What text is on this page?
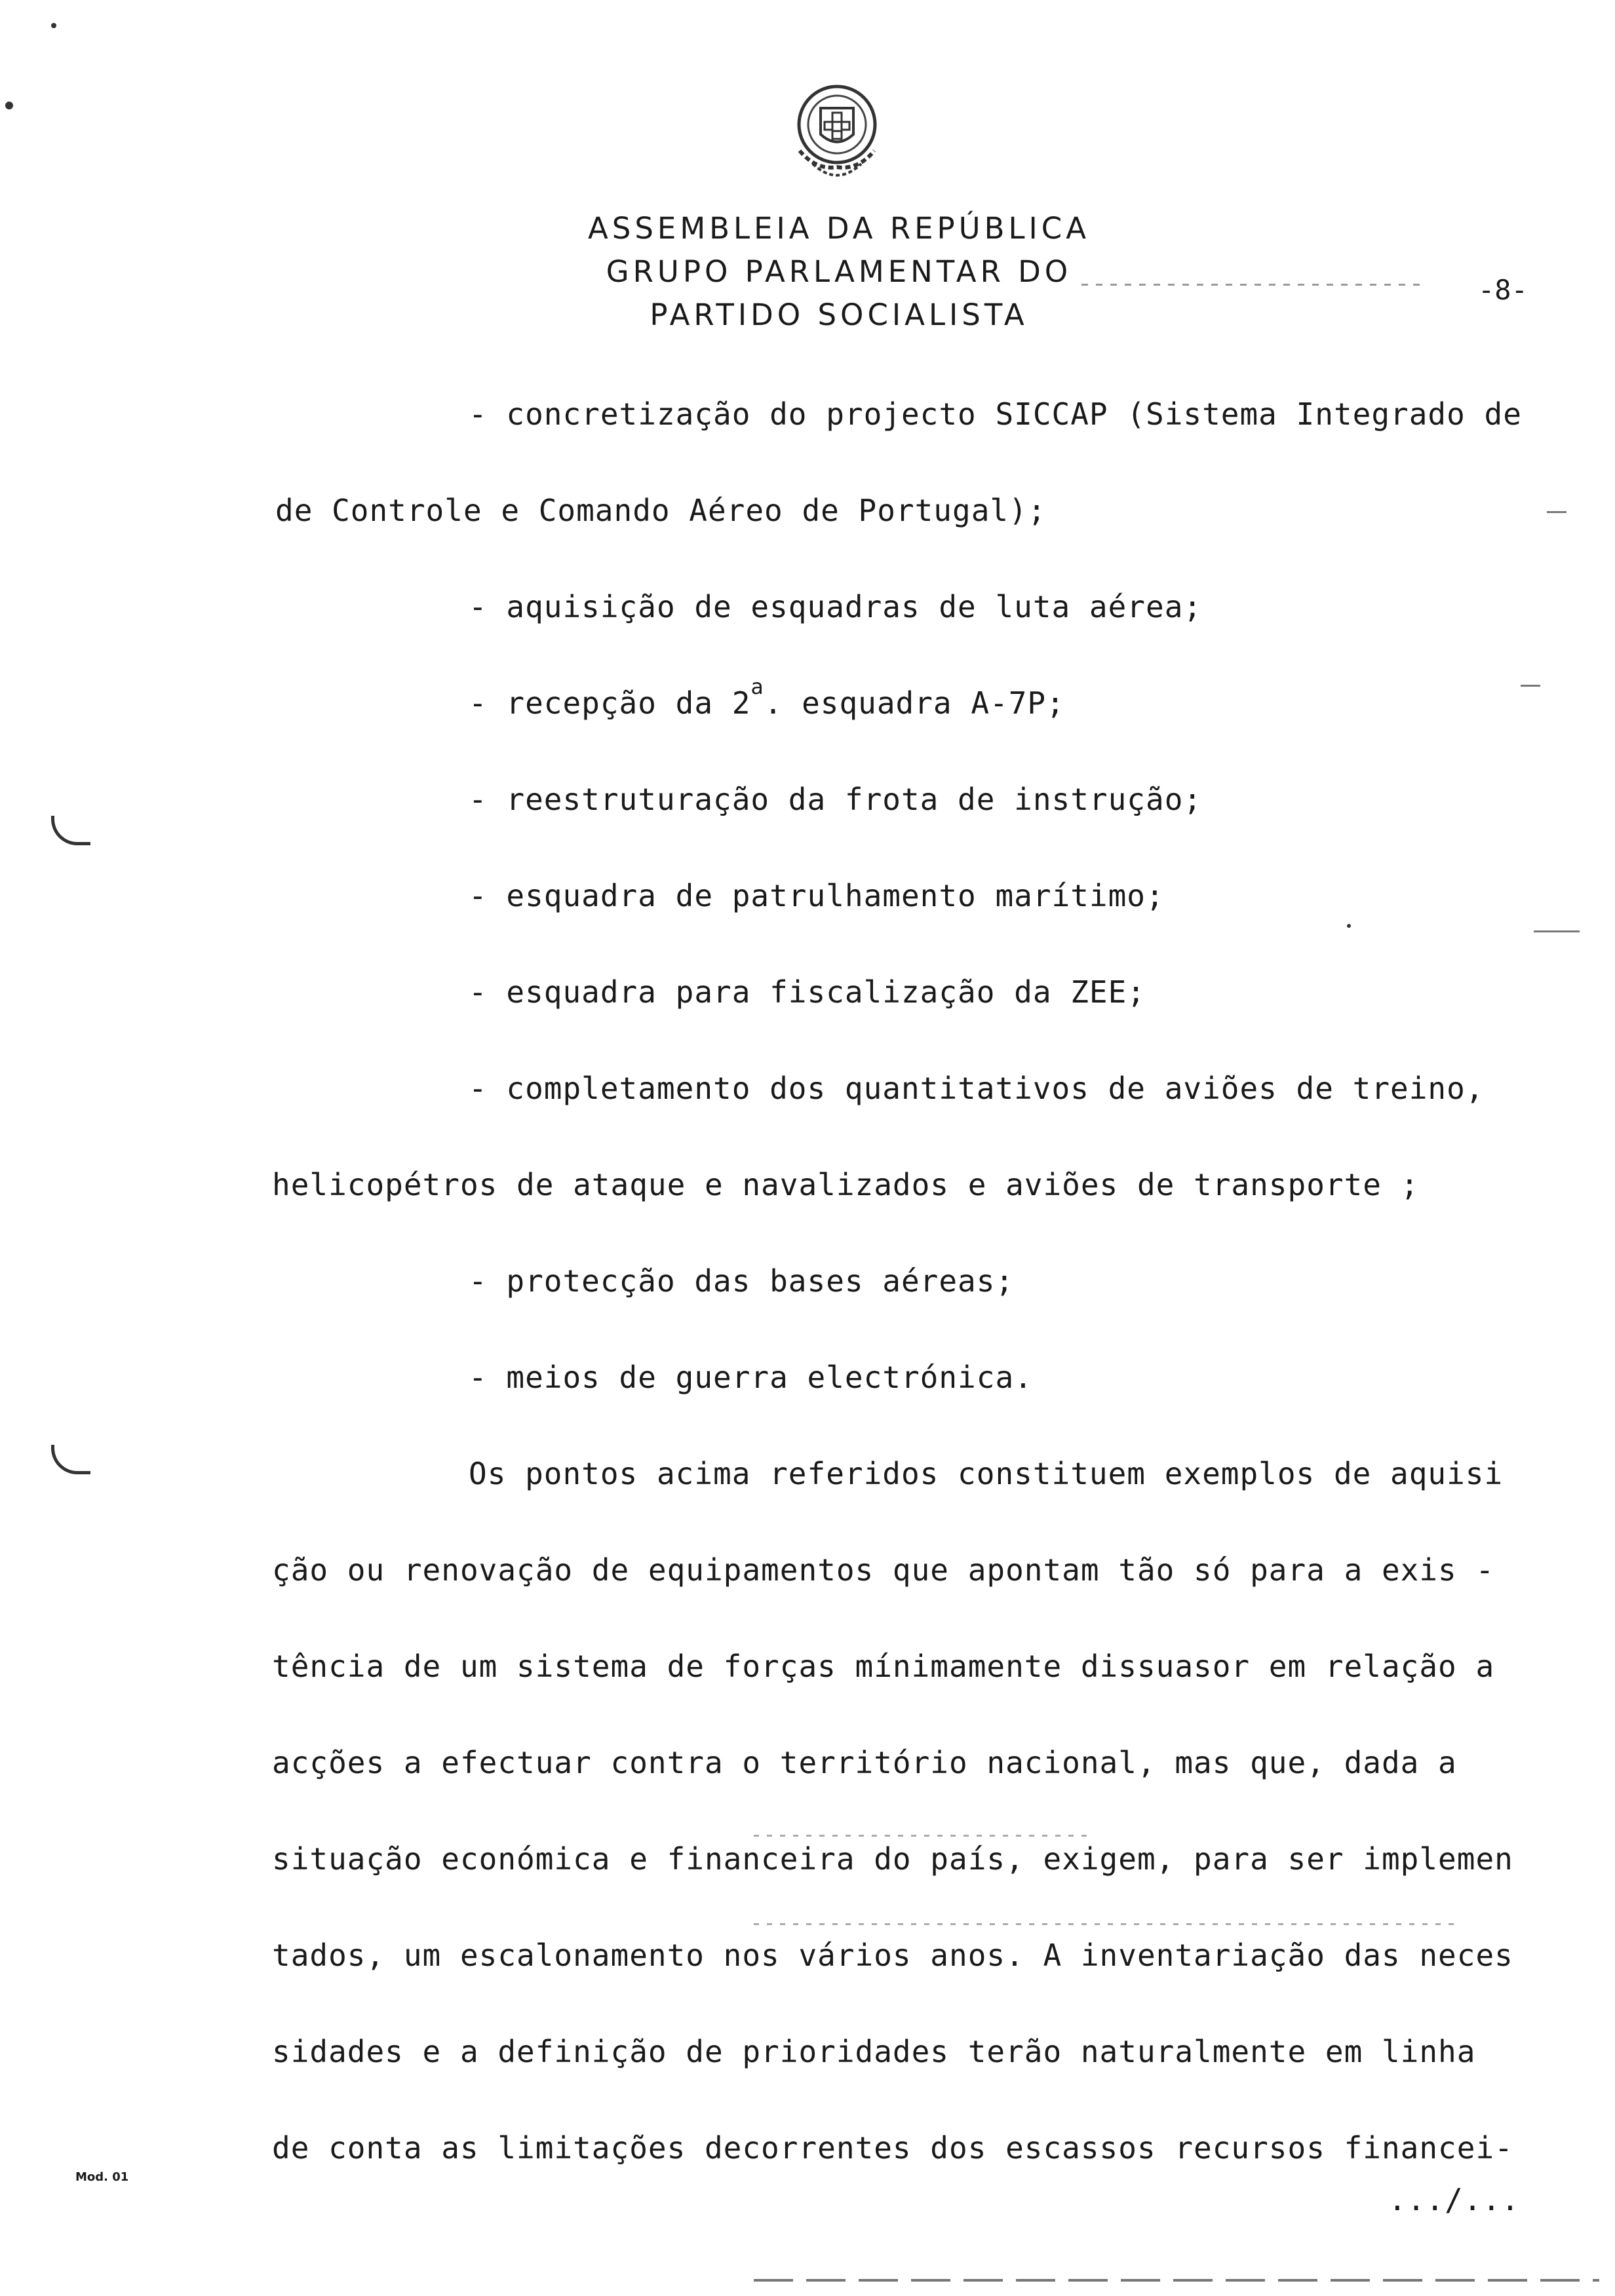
ASSEMBLEIA DA REPÚBLICA
GRUPO PARLAMENTAR DO
PARTIDO SOCIALISTA
-8-
- concretização do projecto SICCAP (Sistema Integrado de
de Controle e Comando Aéreo de Portugal);
- aquisição de esquadras de luta aérea;
- recepção da 2$^a$. esquadra A-7P;
- reestruturação da frota de instrução;
- esquadra de patrulhamento marítimo;
- esquadra para fiscalização da ZEE;
- completamento dos quantitativos de aviões de treino,
helicopétros de ataque e navalizados e aviões de transporte ;
- protecção das bases aéreas;
- meios de guerra electrónica.
Os pontos acima referidos constituem exemplos de aquisi
ção ou renovação de equipamentos que apontam tão só para a exis -
tência de um sistema de forças mínimamente dissuasor em relação a
acções a efectuar contra o território nacional, mas que, dada a
situação económica e financeira do país, exigem, para ser implemen
tados, um escalonamento nos vários anos. A inventariação das neces
sidades e a definição de prioridades terão naturalmente em linha
de conta as limitações decorrentes dos escassos recursos financei-
.../...
Mod. 01
